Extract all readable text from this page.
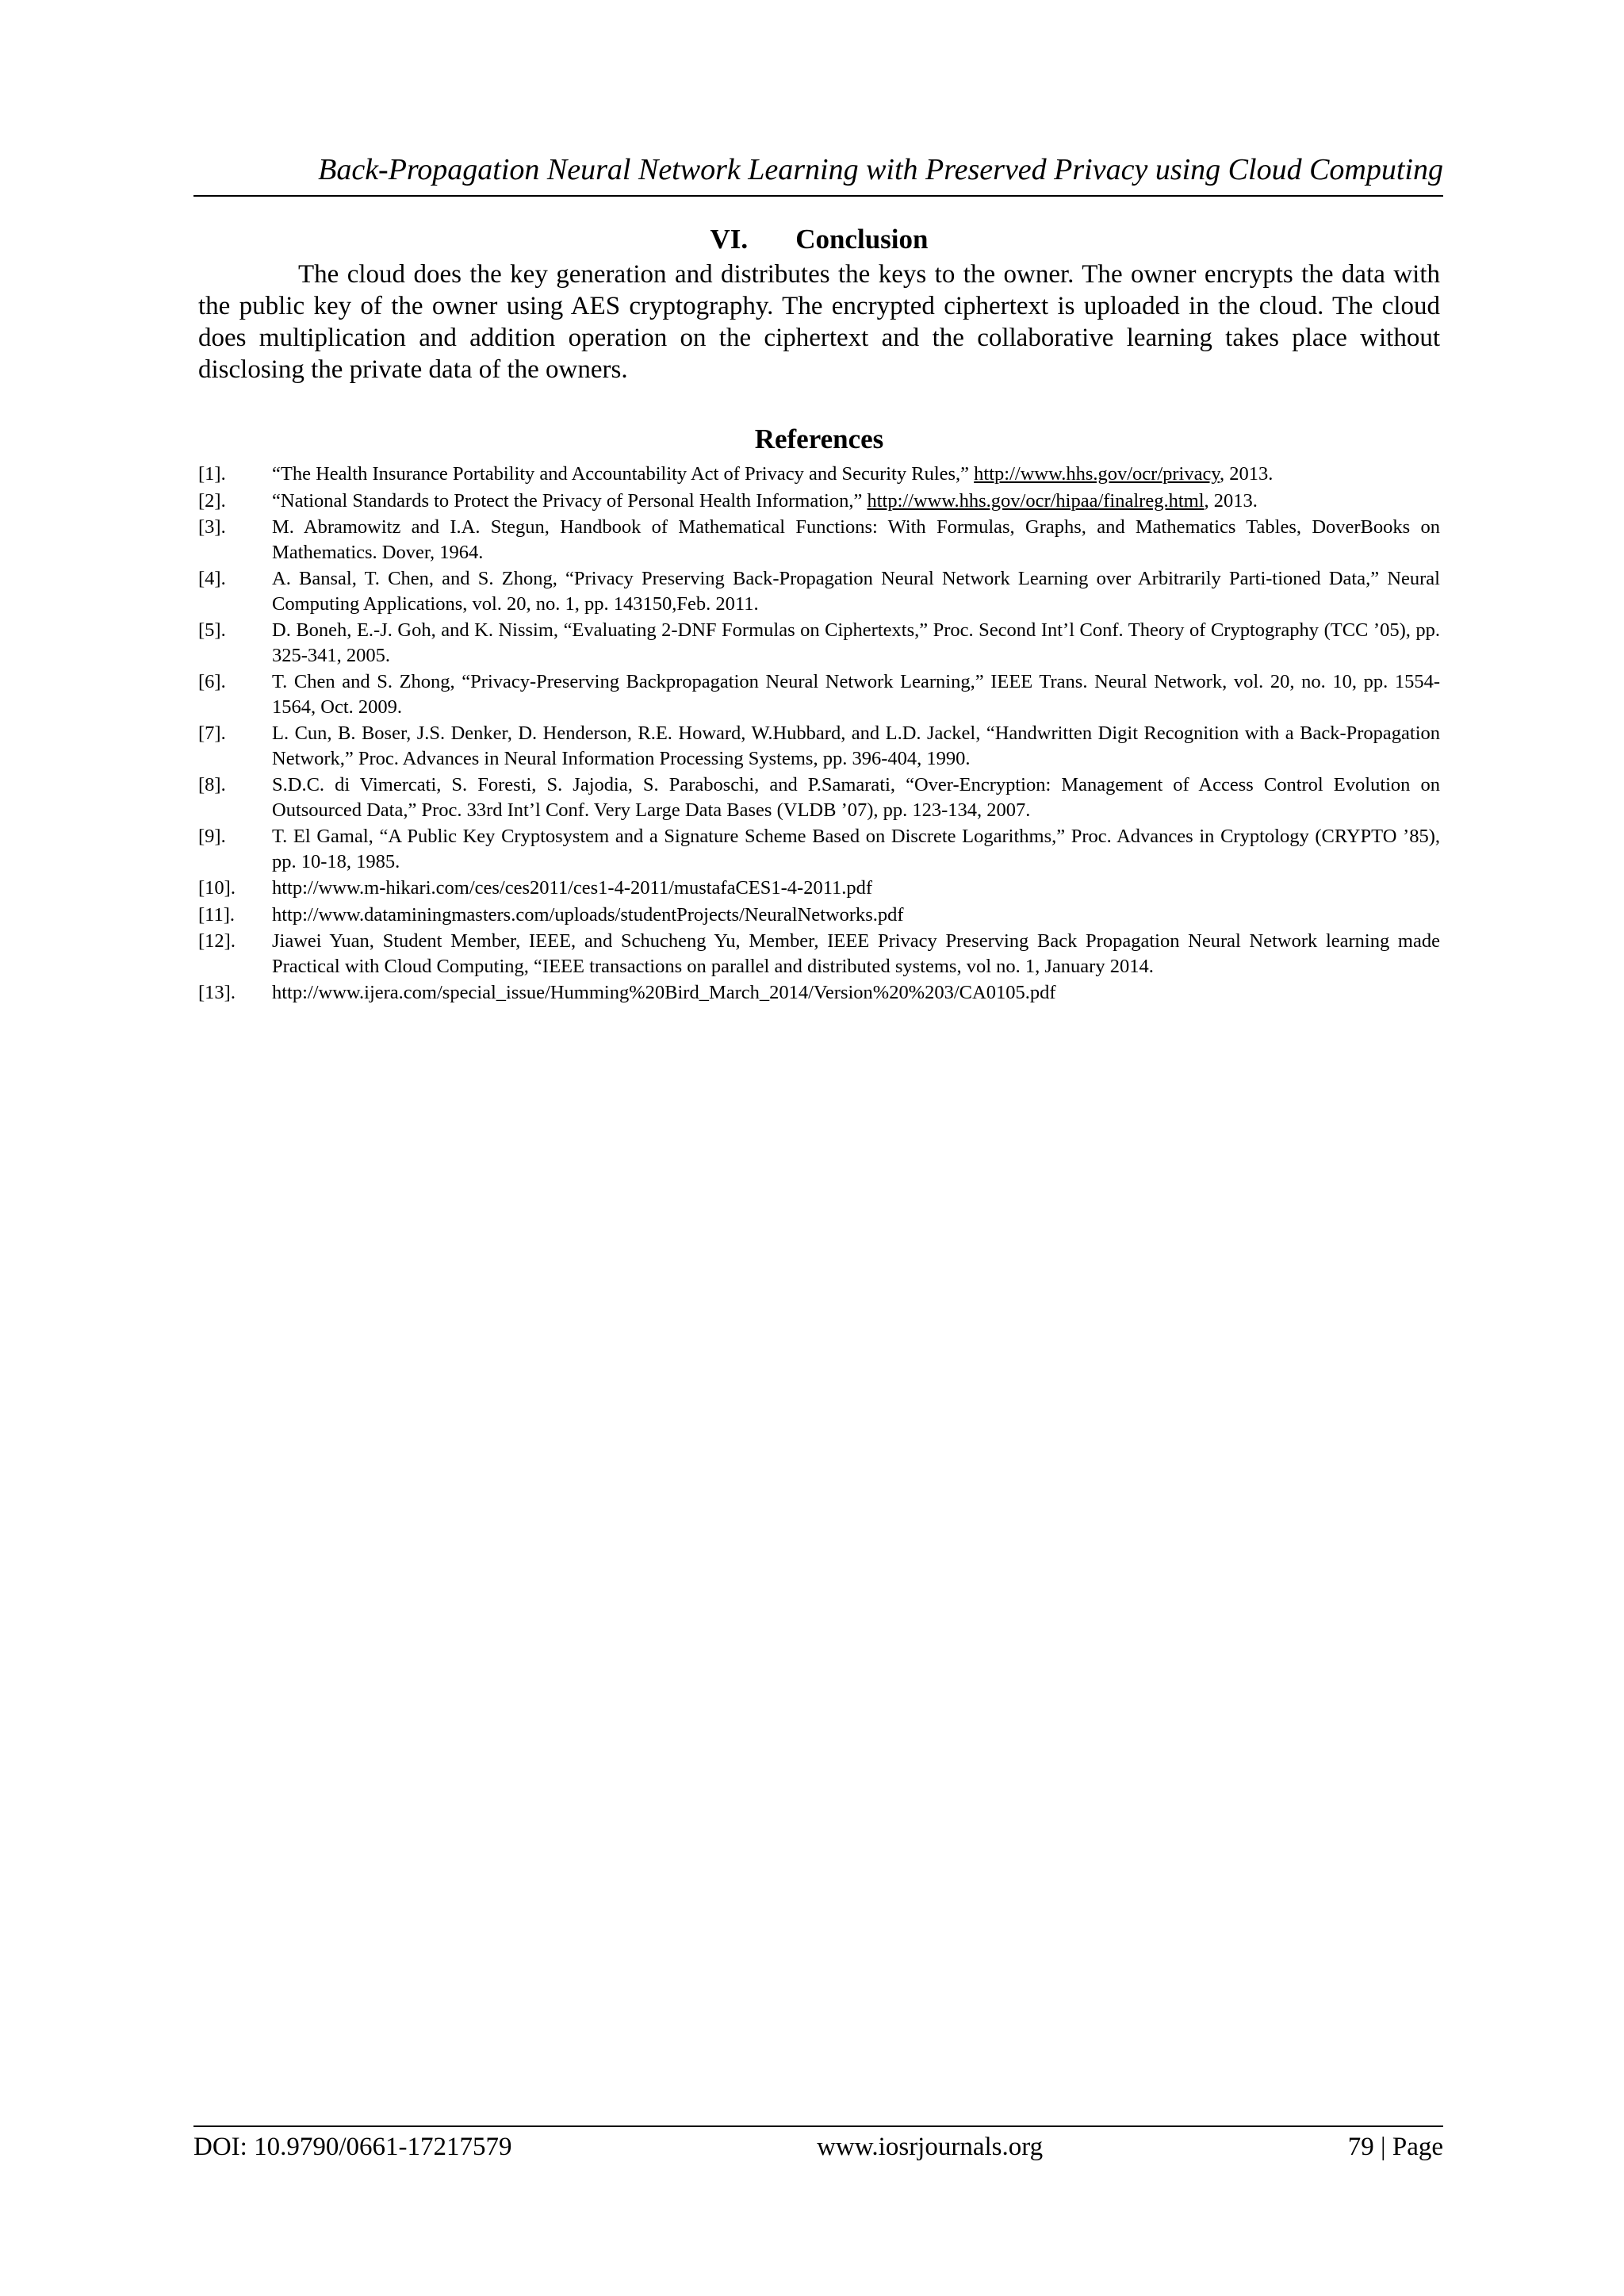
Back-Propagation Neural Network Learning with Preserved Privacy using Cloud Computing
VI. Conclusion

The cloud does the key generation and distributes the keys to the owner. The owner encrypts the data with the public key of the owner using AES cryptography. The encrypted ciphertext is uploaded in the cloud. The cloud does multiplication and addition operation on the ciphertext and the collaborative learning takes place without disclosing the private data of the owners.

References
[1].	“The Health Insurance Portability and Accountability Act of Privacy and Security Rules,” http://www.hhs.gov/ocr/privacy, 2013.
[2].	“National Standards to Protect the Privacy of Personal Health Information,” http://www.hhs.gov/ocr/hipaa/finalreg.html, 2013.
[3].	M. Abramowitz and I.A. Stegun, Handbook of Mathematical Functions: With Formulas, Graphs, and Mathematics Tables, DoverBooks on Mathematics. Dover, 1964.
[4].	A. Bansal, T. Chen, and S. Zhong, “Privacy Preserving Back-Propagation Neural Network Learning over Arbitrarily Parti-tioned Data,” Neural Computing Applications, vol. 20, no. 1, pp. 143150,Feb. 2011.
[5].	D. Boneh, E.-J. Goh, and K. Nissim, “Evaluating 2-DNF Formulas on Ciphertexts,” Proc. Second Int’l Conf. Theory of Cryptography (TCC ’05), pp. 325-341, 2005.
[6].	T. Chen and S. Zhong, “Privacy-Preserving Backpropagation Neural Network Learning,” IEEE Trans. Neural Network, vol. 20, no. 10, pp. 1554-1564, Oct. 2009.
[7].	L. Cun, B. Boser, J.S. Denker, D. Henderson, R.E. Howard, W.Hubbard, and L.D. Jackel, “Handwritten Digit Recognition with a Back-Propagation Network,” Proc. Advances in Neural Information Processing Systems, pp. 396-404, 1990.
[8].	S.D.C. di Vimercati, S. Foresti, S. Jajodia, S. Paraboschi, and P.Samarati, “Over-Encryption: Management of Access Control Evolution on Outsourced Data,” Proc. 33rd Int’l Conf. Very Large Data Bases (VLDB ’07), pp. 123-134, 2007.
[9].	T. El Gamal, “A Public Key Cryptosystem and a Signature Scheme Based on Discrete Logarithms,” Proc. Advances in Cryptology (CRYPTO ’85), pp. 10-18, 1985.
[10].	http://www.m-hikari.com/ces/ces2011/ces1-4-2011/mustafaCES1-4-2011.pdf
[11].	http://www.dataminingmasters.com/uploads/studentProjects/NeuralNetworks.pdf
[12].	Jiawei Yuan, Student Member, IEEE, and Schucheng Yu, Member, IEEE Privacy Preserving Back Propagation Neural Network learning made Practical with Cloud Computing, “IEEE transactions on parallel and distributed systems, vol no. 1, January 2014.
[13].	http://www.ijera.com/special_issue/Humming%20Bird_March_2014/Version%20%203/CA0105.pdf
DOI: 10.9790/0661-17217579	www.iosrjournals.org	79 | Page
